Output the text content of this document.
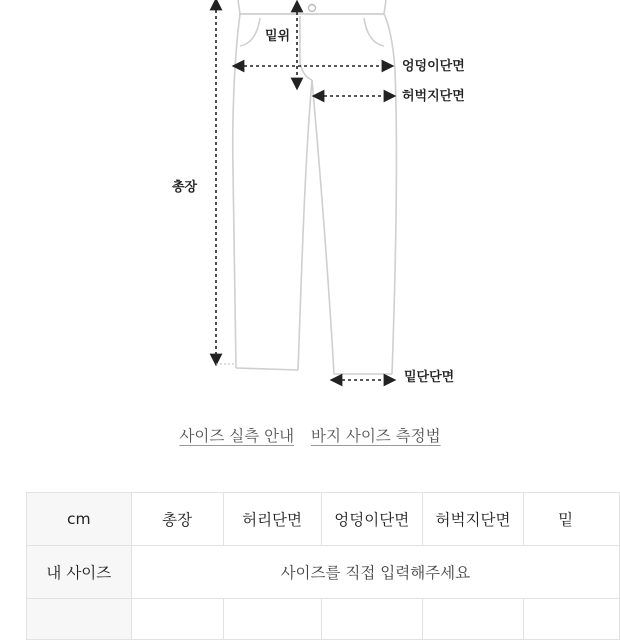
밑위
엉덩이단면
허벅지단면
총장
밑단단면
사이즈 실측 안내 바지 사이즈 측정법
cm	총장	허리단면	엉덩이단면	허벅지단면	밑
내 사이즈	사이즈를 직접 입력해주세요				
